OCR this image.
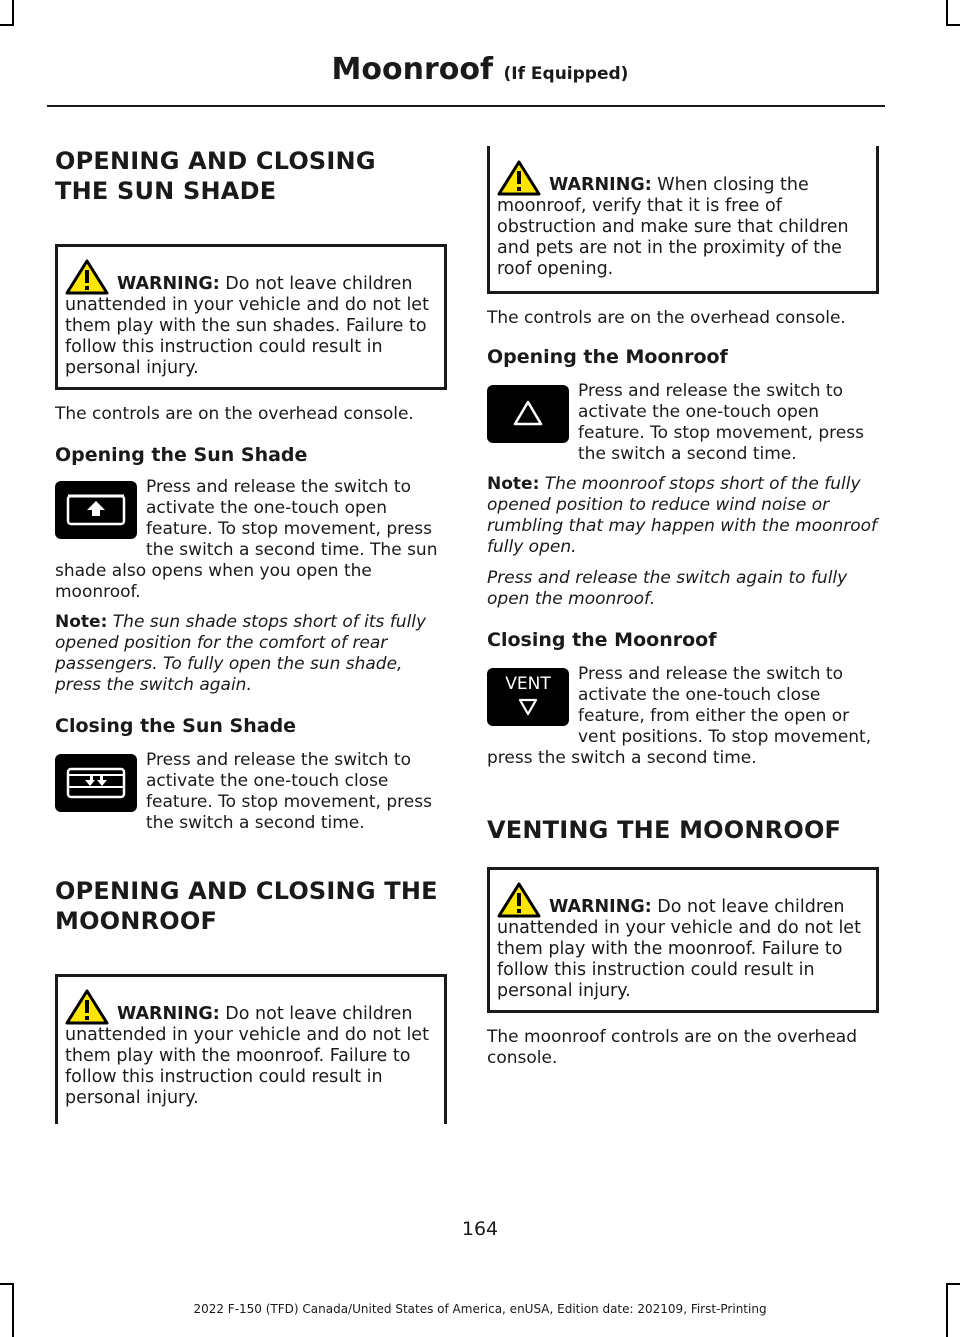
Moonroof (If Equipped)
OPENING AND CLOSING THE SUN SHADE
WARNING: Do not leave children unattended in your vehicle and do not let them play with the sun shades. Failure to follow this instruction could result in personal injury.

The controls are on the overhead console.

Opening the Sun Shade

Press and release the switch to activate the one-touch open feature. To stop movement, press the switch a second time. The sun shade also opens when you open the moonroof.

Note: The sun shade stops short of its fully opened position for the comfort of rear passengers. To fully open the sun shade, press the switch again.

Closing the Sun Shade

Press and release the switch to activate the one-touch close feature. To stop movement, press the switch a second time.

OPENING AND CLOSING THE MOONROOF
WARNING: Do not leave children unattended in your vehicle and do not let them play with the moonroof. Failure to follow this instruction could result in personal injury.
WARNING: When closing the moonroof, verify that it is free of obstruction and make sure that children and pets are not in the proximity of the roof opening.

The controls are on the overhead console.

Opening the Moonroof

Press and release the switch to activate the one-touch open feature. To stop movement, press the switch a second time.

Note: The moonroof stops short of the fully opened position to reduce wind noise or rumbling that may happen with the moonroof fully open.

Press and release the switch again to fully open the moonroof.

Closing the Moonroof
VENT	Press and release the switch to activate the one-touch close feature, from either the open or vent positions. To stop movement, press the switch a second time.

VENTING THE MOONROOF
WARNING: Do not leave children unattended in your vehicle and do not let them play with the moonroof. Failure to follow this instruction could result in personal injury.

The moonroof controls are on the overhead console.

164
2022 F-150 (TFD) Canada/United States of America, enUSA, Edition date: 202109, First-Printing
